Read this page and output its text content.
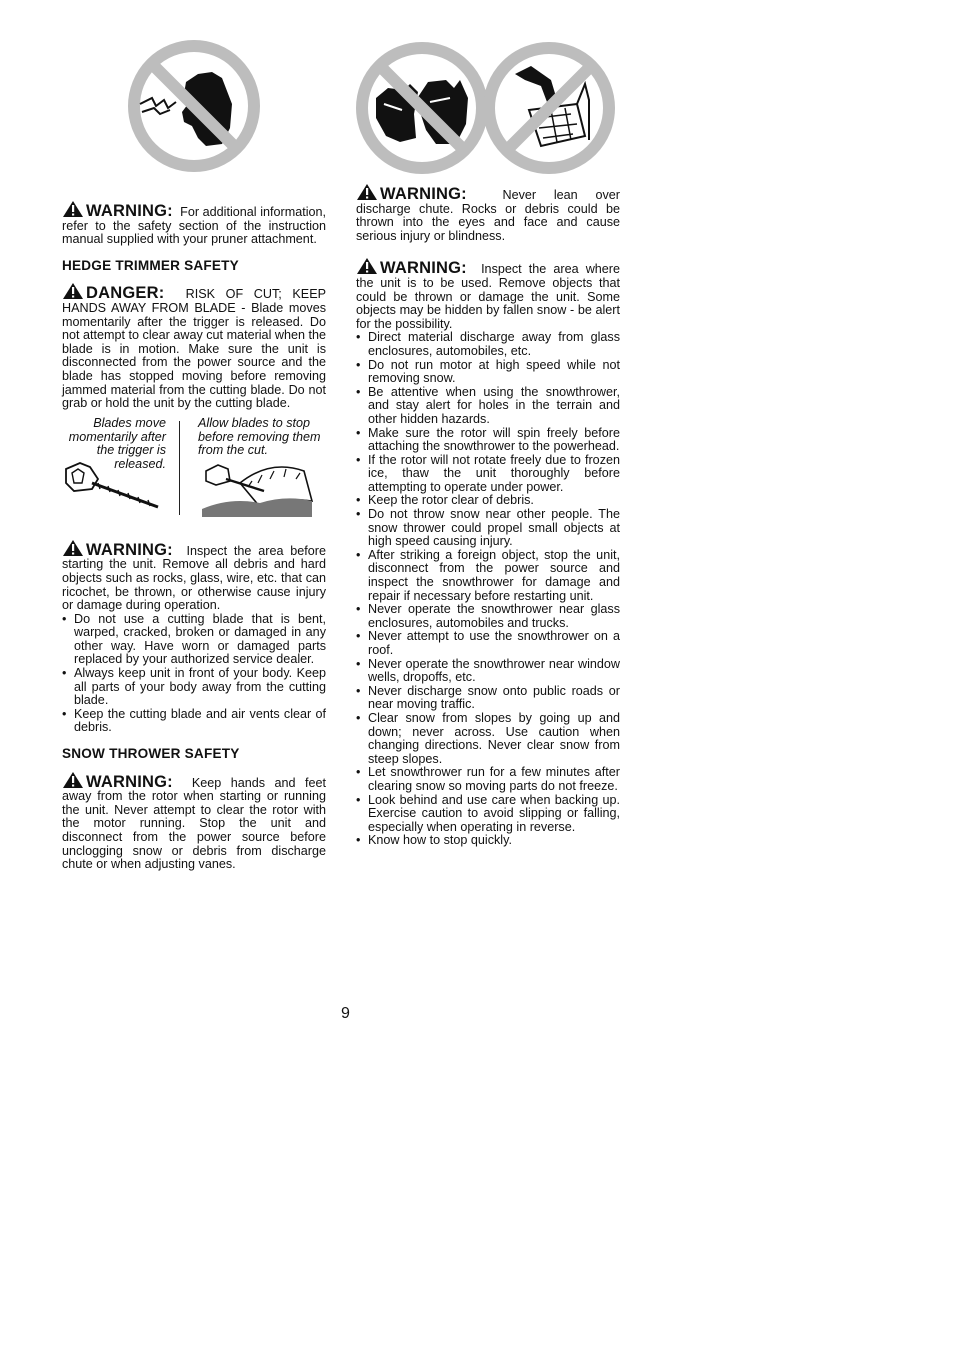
WARNING: For additional information, refer to the safety section of the instruction manual supplied with your pruner attachment.

HEDGE TRIMMER SAFETY

DANGER: RISK OF CUT; KEEP HANDS AWAY FROM BLADE - Blade moves momentarily after the trigger is released. Do not attempt to clear away cut material when the blade is in motion. Make sure the unit is disconnected from the power source and the blade has stopped moving before removing jammed material from the cutting blade. Do not grab or hold the unit by the cutting blade.

Blades move momentarily after the trigger is released.
Allow blades to stop before removing them from the cut.
WARNING: Inspect the area before starting the unit. Remove all debris and hard objects such as rocks, glass, wire, etc. that can ricochet, be thrown, or otherwise cause injury or damage during operation.
• Do not use a cutting blade that is bent, warped, cracked, broken or damaged in any other way. Have worn or damaged parts replaced by your authorized service dealer.
• Always keep unit in front of your body. Keep all parts of your body away from the cutting blade.
• Keep the cutting blade and air vents clear of debris.
SNOW THROWER SAFETY

WARNING: Keep hands and feet away from the rotor when starting or running the unit. Never attempt to clear the rotor with the motor running. Stop the unit and disconnect from the power source before unclogging snow or debris from discharge chute or when adjusting vanes.

WARNING:	Never lean over discharge chute. Rocks or debris could be thrown into the eyes and face and cause serious injury or blindness.

WARNING: Inspect the area where the unit is to be used. Remove objects that could be thrown or damage the unit. Some objects may be hidden by fallen snow - be alert for the possibility.
• Direct material discharge away from glass enclosures, automobiles, etc.
• Do not run motor at high speed while not removing snow.
• Be attentive when using the snowthrower, and stay alert for holes in the terrain and other hidden hazards.
• Make sure the rotor will spin freely before attaching the snowthrower to the powerhead.
• If the rotor will not rotate freely due to frozen ice, thaw the unit thoroughly before attempting to operate under power.
• Keep the rotor clear of debris.
• Do not throw snow near other people. The snow thrower could propel small objects at high speed causing injury.
• After striking a foreign object, stop the unit, disconnect from the power source and inspect the snowthrower for damage and repair if necessary before restarting unit.
• Never operate the snowthrower near glass enclosures, automobiles and trucks.
• Never attempt to use the snowthrower on a roof.
• Never operate the snowthrower near window wells, dropoffs, etc.
• Never discharge snow onto public roads or near moving traffic.
• Clear snow from slopes by going up and down; never across. Use caution when changing directions. Never clear snow from steep slopes.
• Let snowthrower run for a few minutes after clearing snow so moving parts do not freeze.
• Look behind and use care when backing up. Exercise caution to avoid slipping or falling, especially when operating in reverse.
• Know how to stop quickly.
9
